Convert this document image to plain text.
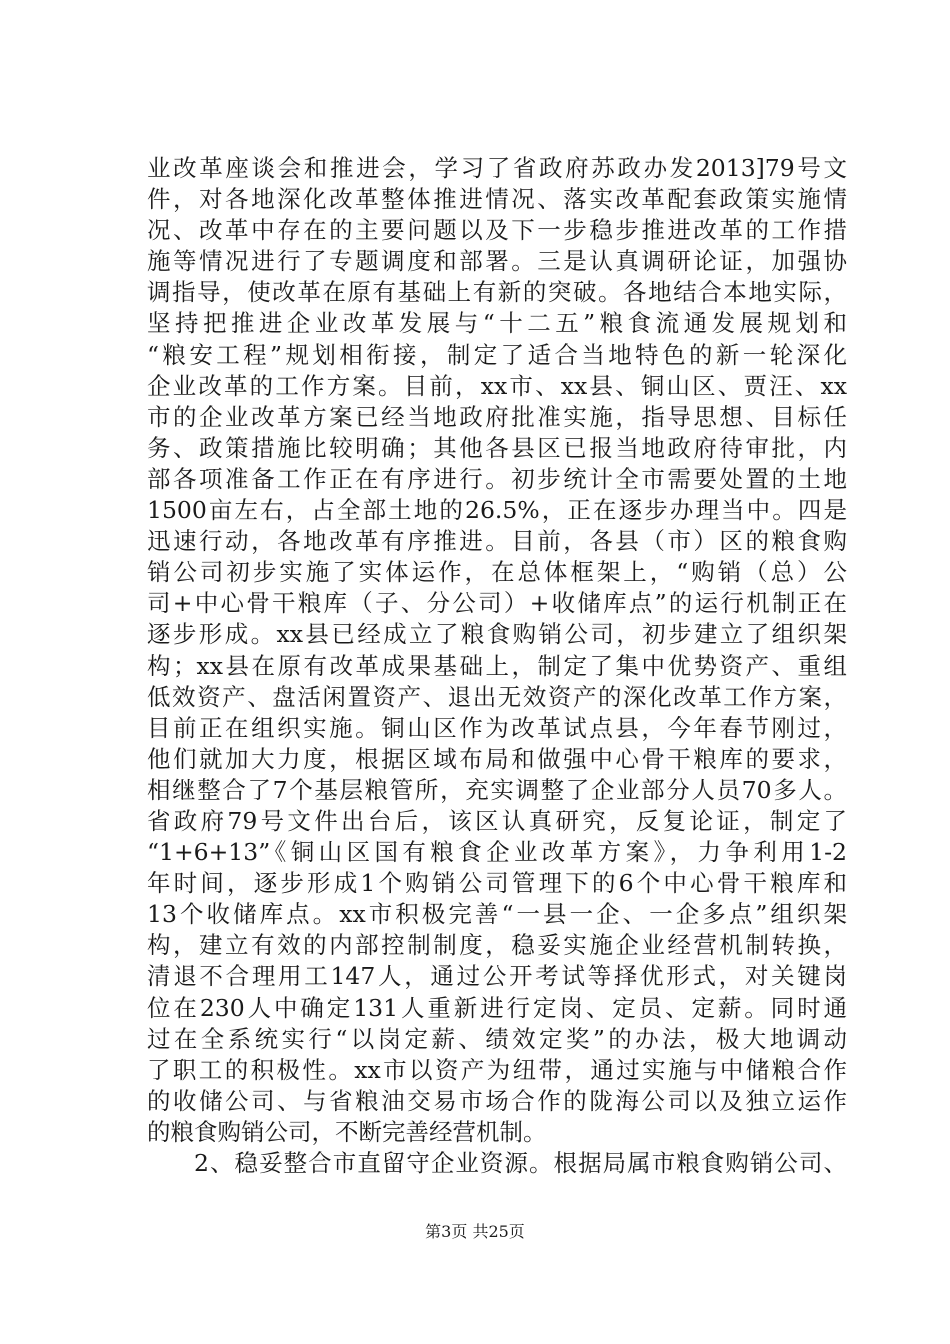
业改革座谈会和推进会，学习了省政府苏政办发2013]79号文
件，对各地深化改革整体推进情况、落实改革配套政策实施情
况、改革中存在的主要问题以及下一步稳步推进改革的工作措
施等情况进行了专题调度和部署。三是认真调研论证，加强协
调指导，使改革在原有基础上有新的突破。各地结合本地实际，
坚持把推进企业改革发展与“十二五”粮食流通发展规划和
“粮安工程”规划相衔接，制定了适合当地特色的新一轮深化
企业改革的工作方案。目前，xx市、xx县、铜山区、贾汪、xx
市的企业改革方案已经当地政府批准实施，指导思想、目标任
务、政策措施比较明确；其他各县区已报当地政府待审批，内
部各项准备工作正在有序进行。初步统计全市需要处置的土地
1500亩左右，占全部土地的26.5%，正在逐步办理当中。四是
迅速行动，各地改革有序推进。目前，各县（市）区的粮食购
销公司初步实施了实体运作，在总体框架上，“购销（总）公
司+中心骨干粮库（子、分公司）+收储库点”的运行机制正在
逐步形成。xx县已经成立了粮食购销公司，初步建立了组织架
构；xx县在原有改革成果基础上，制定了集中优势资产、重组
低效资产、盘活闲置资产、退出无效资产的深化改革工作方案，
目前正在组织实施。铜山区作为改革试点县，今年春节刚过，
他们就加大力度，根据区域布局和做强中心骨干粮库的要求，
相继整合了7个基层粮管所，充实调整了企业部分人员70多人。
省政府79号文件出台后，该区认真研究，反复论证，制定了
“1+6+13”《铜山区国有粮食企业改革方案》，力争利用1-2
年时间，逐步形成1个购销公司管理下的6个中心骨干粮库和
13个收储库点。xx市积极完善“一县一企、一企多点”组织架
构，建立有效的内部控制制度，稳妥实施企业经营机制转换，
清退不合理用工147人，通过公开考试等择优形式，对关键岗
位在230人中确定131人重新进行定岗、定员、定薪。同时通
过在全系统实行“以岗定薪、绩效定奖”的办法，极大地调动
了职工的积极性。xx市以资产为纽带，通过实施与中储粮合作
的收储公司、与省粮油交易市场合作的陇海公司以及独立运作
的粮食购销公司，不断完善经营机制。
2、稳妥整合市直留守企业资源。根据局属市粮食购销公司、
第3页 共25页
